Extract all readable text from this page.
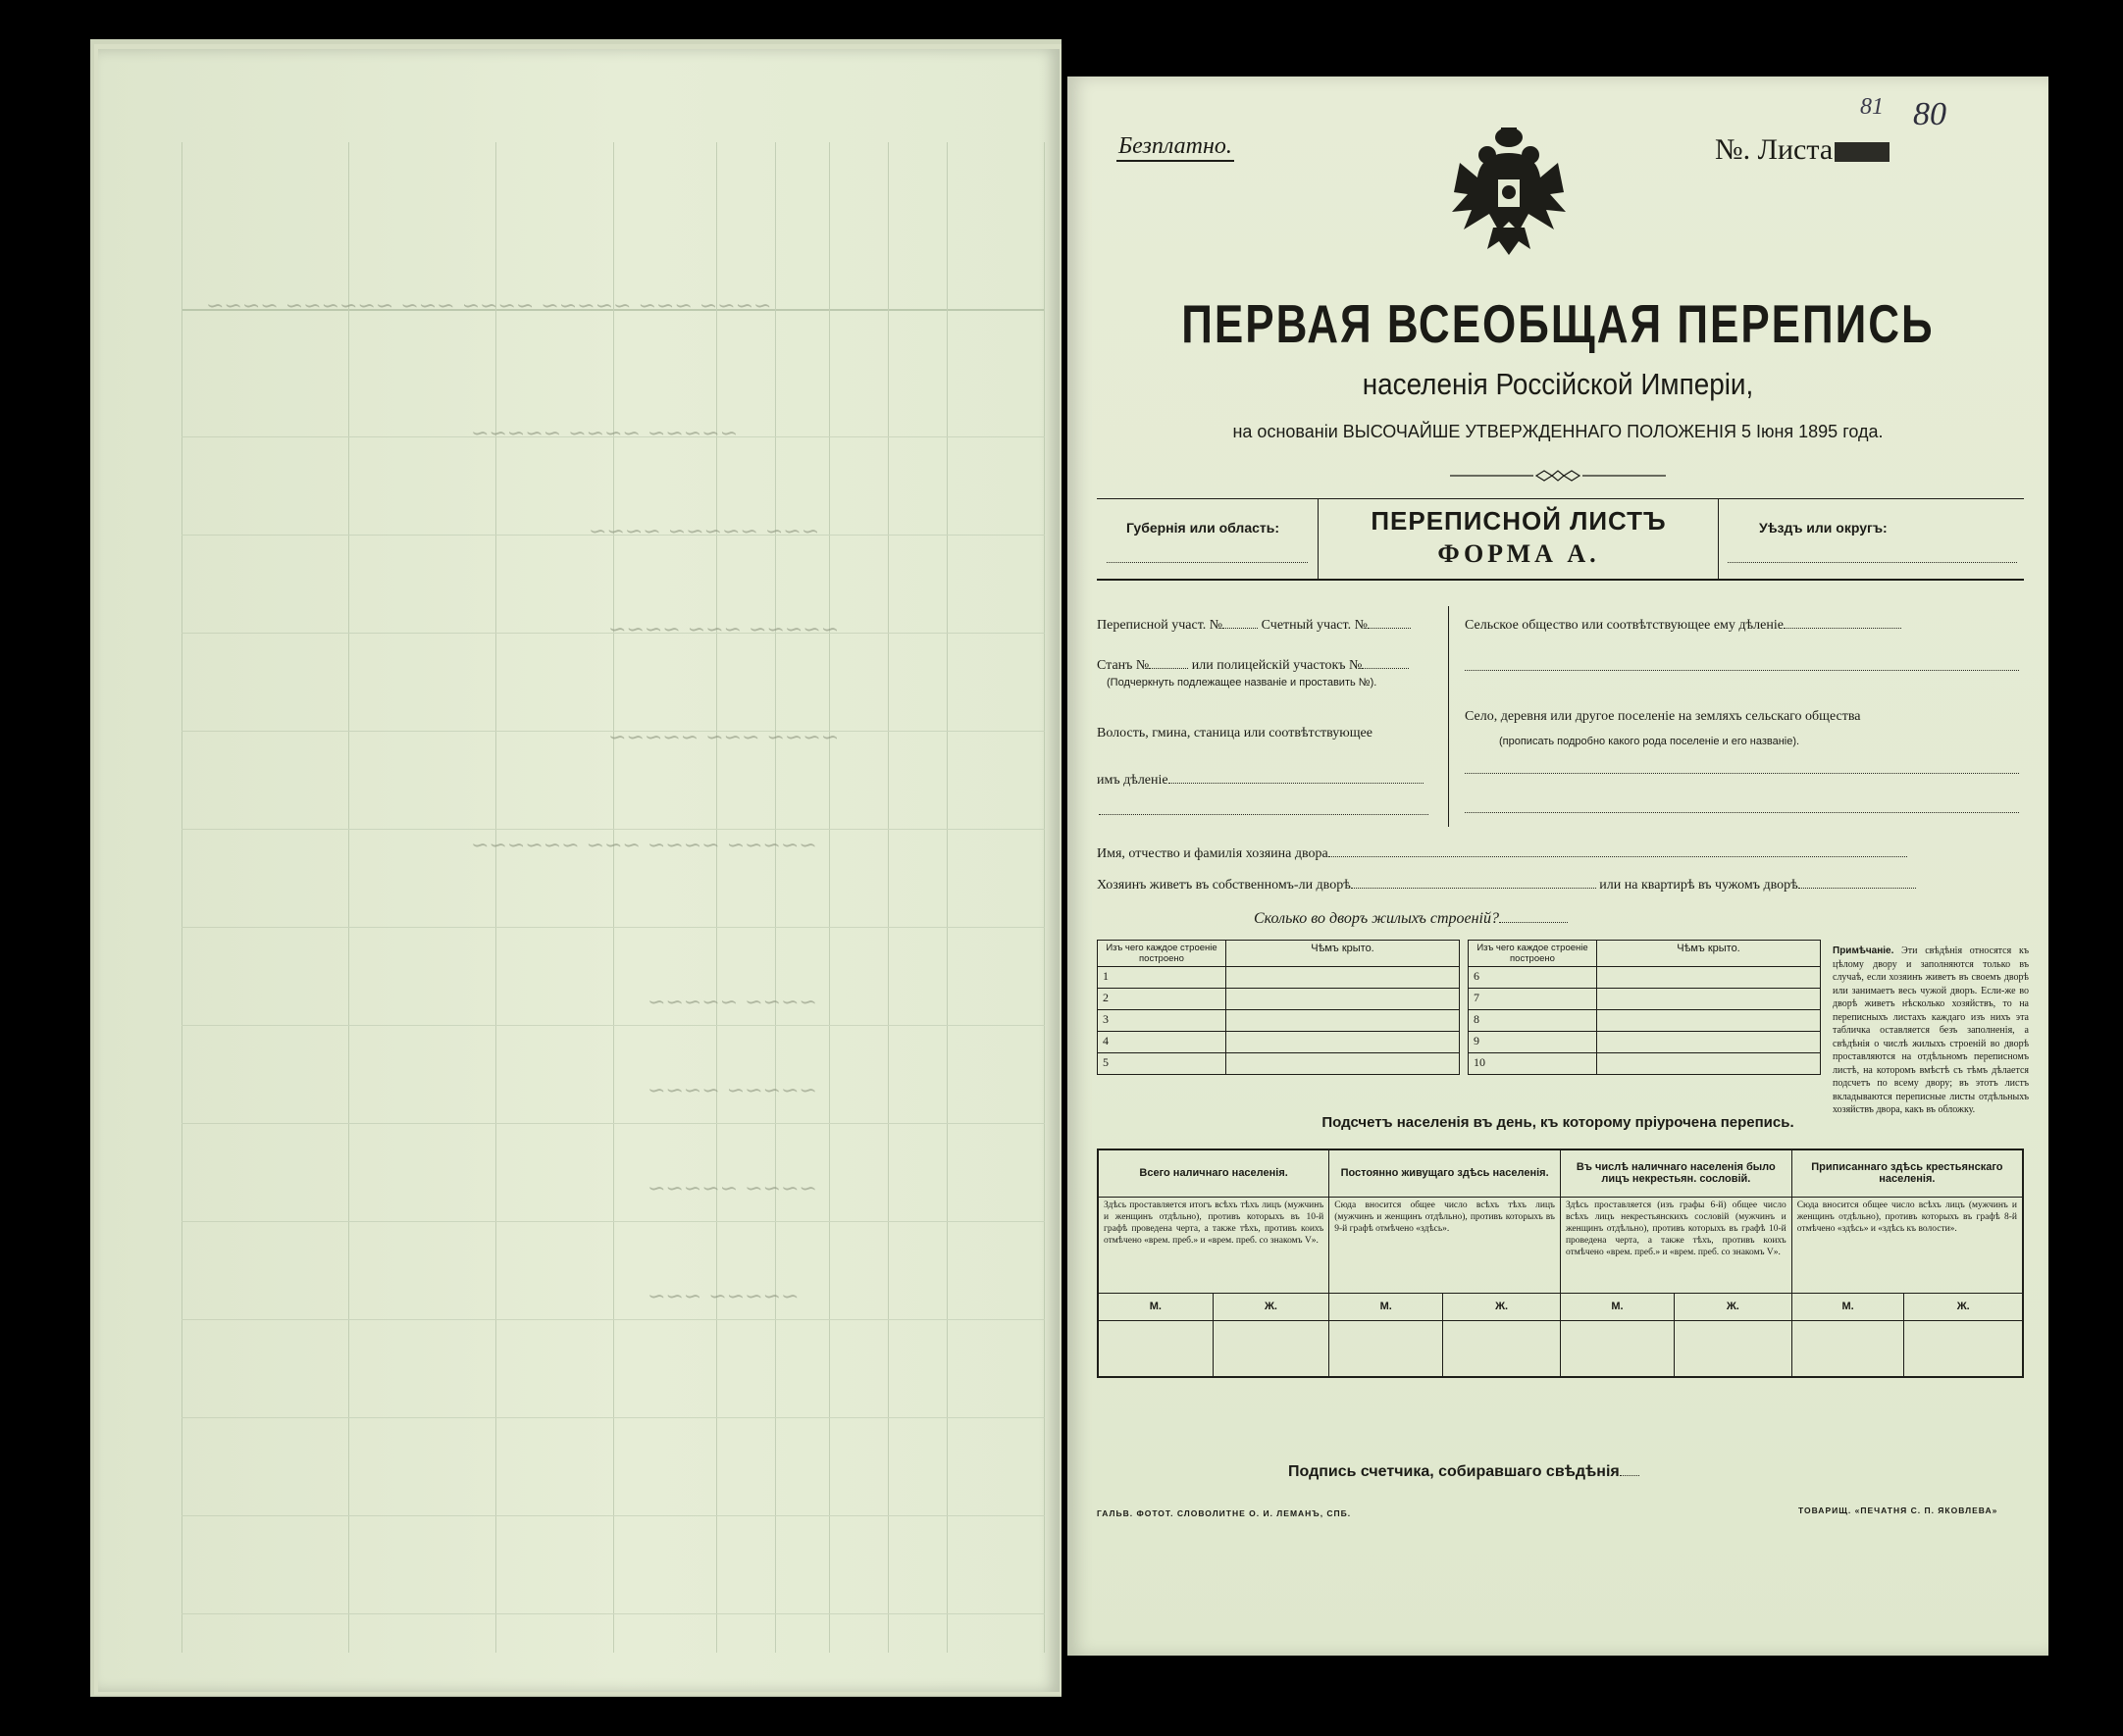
~~~~ ~~~ ~~~~~ ~~~~ ~~~ ~~~~~~ ~~~~
~~~~~ ~~~~ ~~~~~
~~~ ~~~~~ ~~~~
~~~~~ ~~~ ~~~~
~~~~ ~~~ ~~~~~
~~~~~ ~~~~ ~~~ ~~~~~~
~~~~ ~~~~~
~~~~~ ~~~~
~~~~ ~~~~~
~~~~~ ~~~
Безплатно.	№. Листа
81 80
ПЕРВАЯ ВСЕОБЩАЯ ПЕРЕПИСЬ
населенія Россійской Имперіи,
на основаніи ВЫСОЧАЙШЕ УТВЕРЖДЕННАГО ПОЛОЖЕНІЯ 5 Іюня 1895 года.
Губернія или область:	ПЕРЕПИСНОЙ ЛИСТЪ
ФОРМА А.
Уѣздъ или округъ:
Переписной участ. №	Счетный участ. №
Станъ №	или полицейскій участокъ №
(Подчеркнуть подлежащее названіе и проставить №).
Волость, гмина, станица или соотвѣтствующее
имъ дѣленіе
Сельское общество или соотвѣтствующее ему дѣленіе
Село, деревня или другое поселеніе на земляхъ сельскаго общества
(прописать подробно какого рода поселеніе и его названіе).
Имя, отчество и фамилія хозяина двора
Хозяинъ живетъ въ собственномъ-ли дворѣ	или на квартирѣ въ чужомъ дворѣ
Сколько во дворъ жилыхъ строеній?
Изъ чего каждое строеніе построено	Чѣмъ крыто.
1	
2	
3	
4	
5	
Изъ чего каждое строеніе построено	Чѣмъ крыто.
6	
7	
8	
9	
10	
Примѣчаніе. Эти свѣдѣнія относятся къ цѣлому двору и заполняются только въ случаѣ, если хозяинъ живетъ въ своемъ дворѣ или занимаетъ весь чужой дворъ. Если-же во дворѣ живетъ нѣсколько хозяйствъ, то на переписныхъ листахъ каждаго изъ нихъ эта табличка оставляется безъ заполненія, а свѣдѣнія о числѣ жилыхъ строеній во дворѣ проставляются на отдѣльномъ переписномъ листѣ, на которомъ вмѣстѣ съ тѣмъ дѣлается подсчетъ по всему двору; въ этотъ листъ вкладываются переписные листы отдѣльныхъ хозяйствъ двора, какъ въ обложку.
Подсчетъ населенія въ день, къ которому пріурочена перепись.
Всего наличнаго населенія.		Постоянно живущаго здѣсь населенія.		Въ числѣ наличнаго населенія было лицъ некрестьян. сословій.		Приписаннаго здѣсь крестьянскаго населенія.	
Здѣсь проставляется итогъ всѣхъ тѣхъ лицъ (мужчинъ и женщинъ отдѣльно), противъ которыхъ въ 10-й графѣ проведена черта, а также тѣхъ, противъ коихъ отмѣчено «врем. преб.» и «врем. преб. со знакомъ V».		Сюда вносится общее число всѣхъ тѣхъ лицъ (мужчинъ и женщинъ отдѣльно), противъ которыхъ въ 9-й графѣ отмѣчено «здѣсь».		Здѣсь проставляется (изъ графы 6-й) общее число всѣхъ лицъ некрестьянскихъ сословій (мужчинъ и женщинъ отдѣльно), противъ которыхъ въ графѣ 10-й проведена черта, а также тѣхъ, противъ коихъ отмѣчено «врем. преб.» и «врем. преб. со знакомъ V».		Сюда вносится общее число всѣхъ лицъ (мужчинъ и женщинъ отдѣльно), противъ которыхъ въ графѣ 8-й отмѣчено «здѣсь» и «здѣсь къ волости».	
М.	Ж.	М.	Ж.	М.	Ж.	М.	Ж.

Подпись счетчика, собиравшаго свѣдѣнія
ГАЛЬВ. ФОТОТ. СЛОВОЛИТНЕ О. И. ЛЕМАНЪ, СПБ.	ТОВАРИЩ. «ПЕЧАТНЯ С. П. ЯКОВЛЕВА»
